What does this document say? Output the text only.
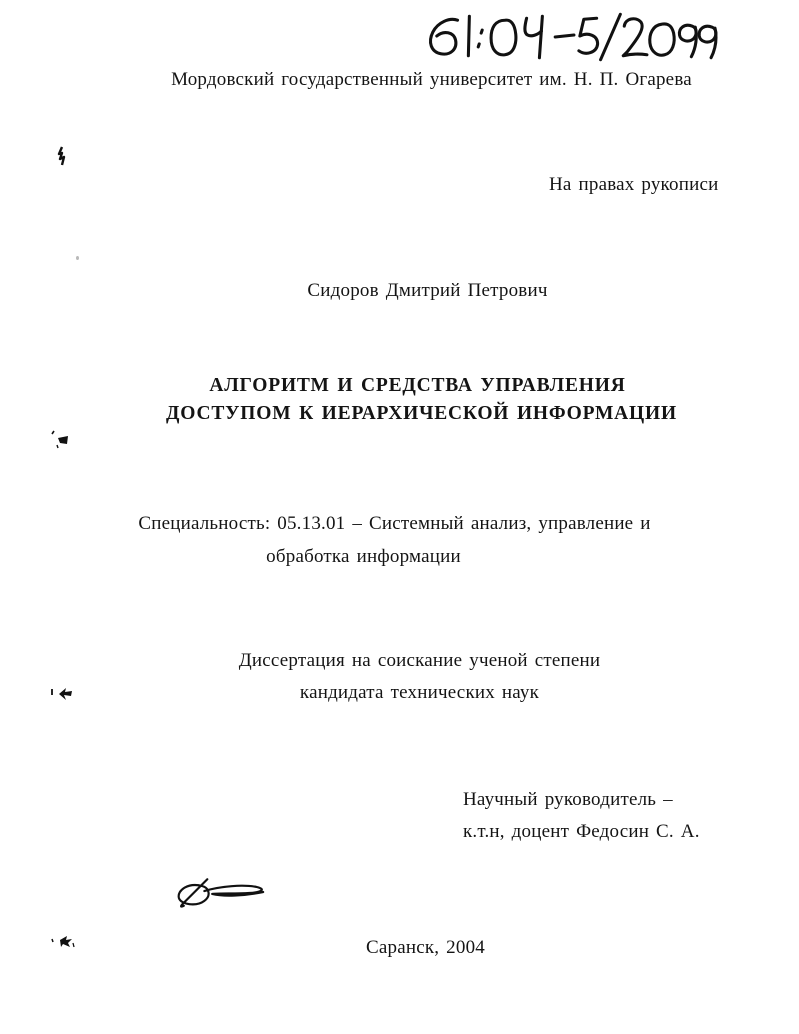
Мордовский государственный университет им. Н. П. Огарева
На правах рукописи
Сидоров Дмитрий Петрович
АЛГОРИТМ И СРЕДСТВА УПРАВЛЕНИЯ
ДОСТУПОМ К ИЕРАРХИЧЕСКОЙ ИНФОРМАЦИИ
Специальность: 05.13.01 – Системный анализ, управление и
обработка информации
Диссертация на соискание ученой степени
кандидата технических наук
Научный руководитель –
к.т.н, доцент Федосин С. А.
Саранск, 2004
